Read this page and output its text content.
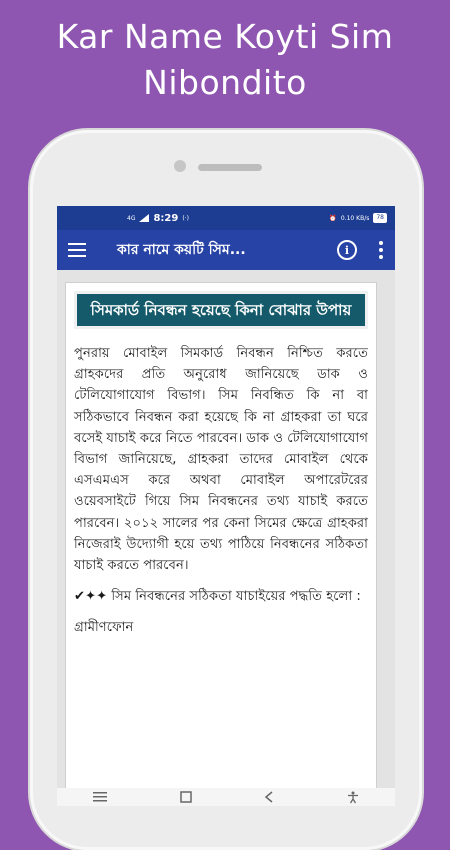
Kar Name Koyti Sim
Nibondito
4G 8:29 (·)	⏰ 0.10 KB/s	78
কার নামে কয়টি সিম...	i
সিমকার্ড নিবন্ধন হয়েছে কিনা বোঝার উপায়
পুনরায় মোবাইল সিমকার্ড নিবন্ধন নিশ্চিত করতে গ্রাহকদের প্রতি অনুরোধ জানিয়েছে ডাক ও টেলিযোগাযোগ বিভাগ। সিম নিবন্ধিত কি না বা সঠিকভাবে নিবন্ধন করা হয়েছে কি না গ্রাহকরা তা ঘরে বসেই যাচাই করে নিতে পারবেন। ডাক ও টেলিযোগাযোগ বিভাগ জানিয়েছে, গ্রাহকরা তাদের মোবাইল থেকে এসএমএস করে অথবা মোবাইল অপারেটরের ওয়েবসাইটে গিয়ে সিম নিবন্ধনের তথ্য যাচাই করতে পারবেন। ২০১২ সালের পর কেনা সিমের ক্ষেত্রে গ্রাহকরা নিজেরাই উদ্যোগী হয়ে তথ্য পাঠিয়ে নিবন্ধনের সঠিকতা যাচাই করতে পারবেন।
✔✦✦ সিম নিবন্ধনের সঠিকতা যাচাইয়ের পদ্ধতি হলো :
গ্রামীণফোন
